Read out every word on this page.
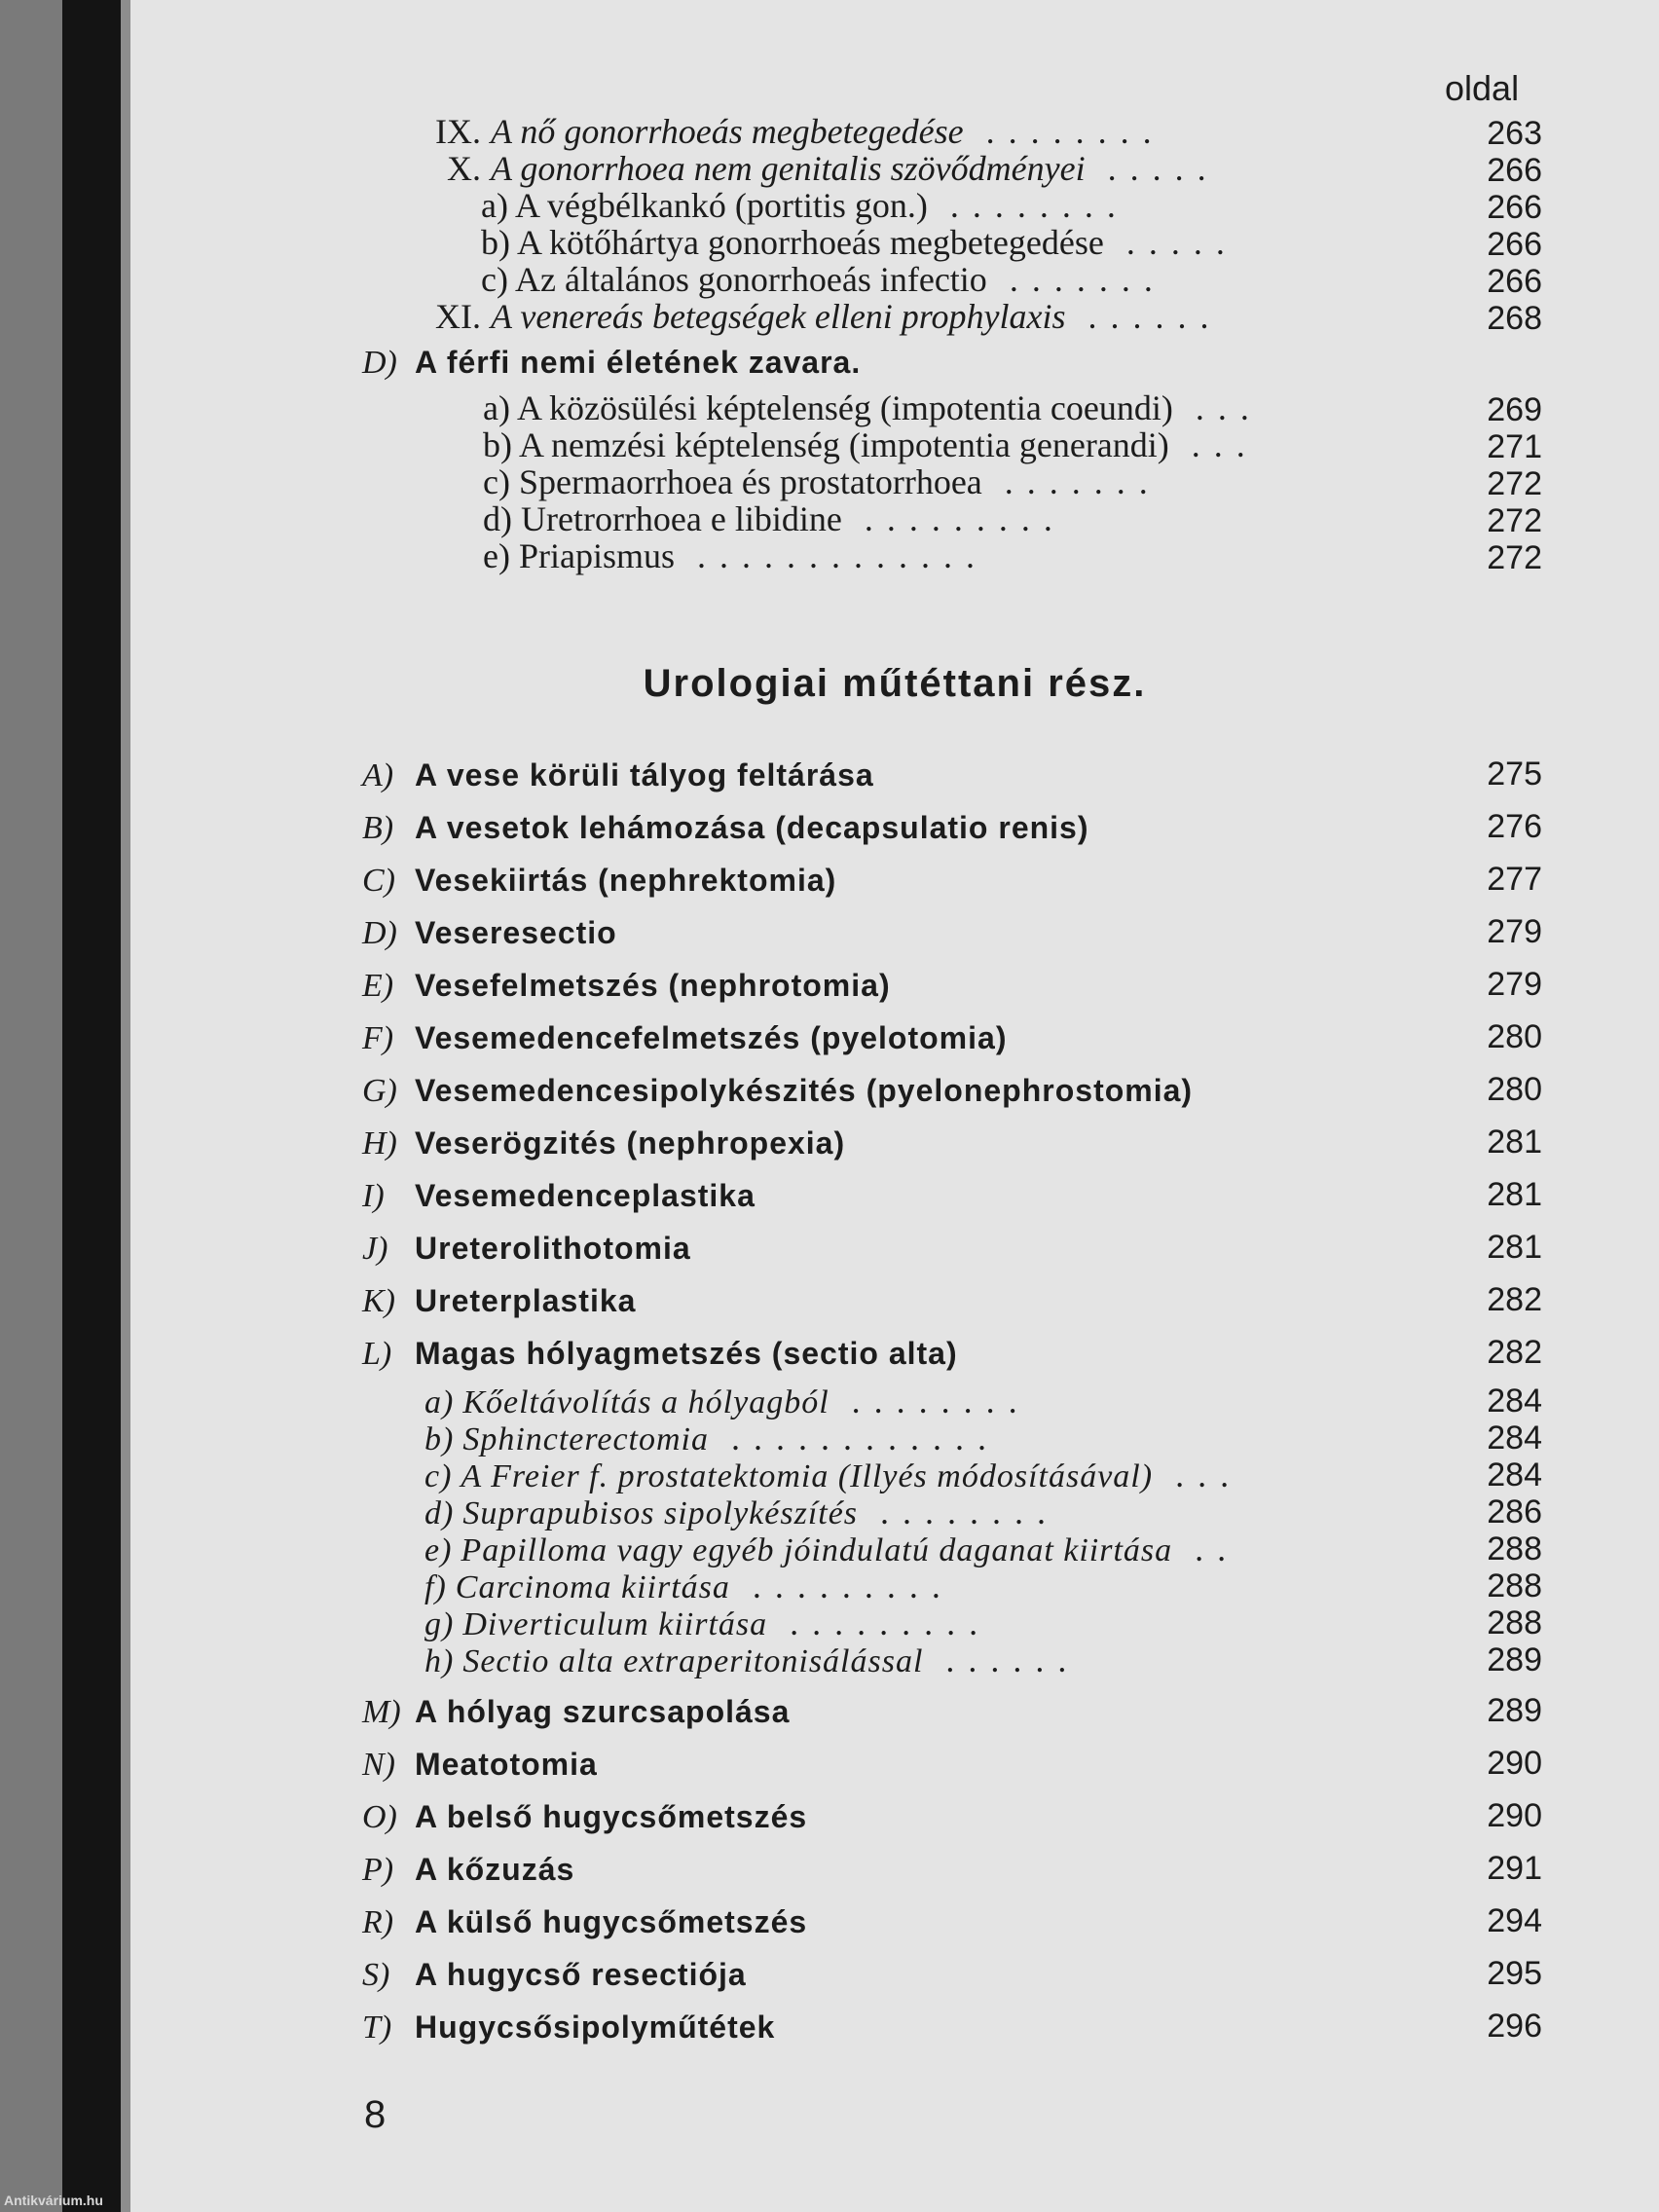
oldal
IX. A nő gonorrhoeás megbetegedése ........	263
X. A gonorrhoea nem genitalis szövődményei .....	266
a) A végbélkankó (portitis gon.) ........	266
b) A kötőhártya gonorrhoeás megbetegedése .....	266
c) Az általános gonorrhoeás infectio .......	266
XI. A venereás betegségek elleni prophylaxis ......	268
D) A férfi nemi életének zavara.
a) A közösülési képtelenség (impotentia coeundi) ...	269
b) A nemzési képtelenség (impotentia generandi) ...	271
c) Spermaorrhoea és prostatorrhoea .......	272
d) Uretrorrhoea e libidine .........	272
e) Priapismus .............	272
Urologiai műtéttani rész.
A) A vese körüli tályog feltárása	275
B) A vesetok lehámozása (decapsulatio renis)	276
C) Vesekiirtás (nephrektomia)	277
D) Veseresectio	279
E) Vesefelmetszés (nephrotomia)	279
F) Vesemedencefelmetszés (pyelotomia)	280
G) Vesemedencesipolykészités (pyelonephrostomia)	280
H) Veserögzités (nephropexia)	281
I) Vesemedenceplastika	281
J) Ureterolithotomia	281
K) Ureterplastika	282
L) Magas hólyagmetszés (sectio alta)	282
a) Kőeltávolítás a hólyagból ........	284
b) Sphincterectomia ............	284
c) A Freier f. prostatektomia (Illyés módosításával) ...	284
d) Suprapubisos sipolykészítés ........	286
e) Papilloma vagy egyéb jóindulatú daganat kiirtása ..	288
f) Carcinoma kiirtása .........	288
g) Diverticulum kiirtása .........	288
h) Sectio alta extraperitonisálással ......	289
M) A hólyag szurcsapolása	289
N) Meatotomia	290
O) A belső hugycsőmetszés	290
P) A kőzuzás	291
R) A külső hugycsőmetszés	294
S) A hugycső resectiója	295
T) Hugycsősipolyműtétek	296
8
Antikvárium.hu
